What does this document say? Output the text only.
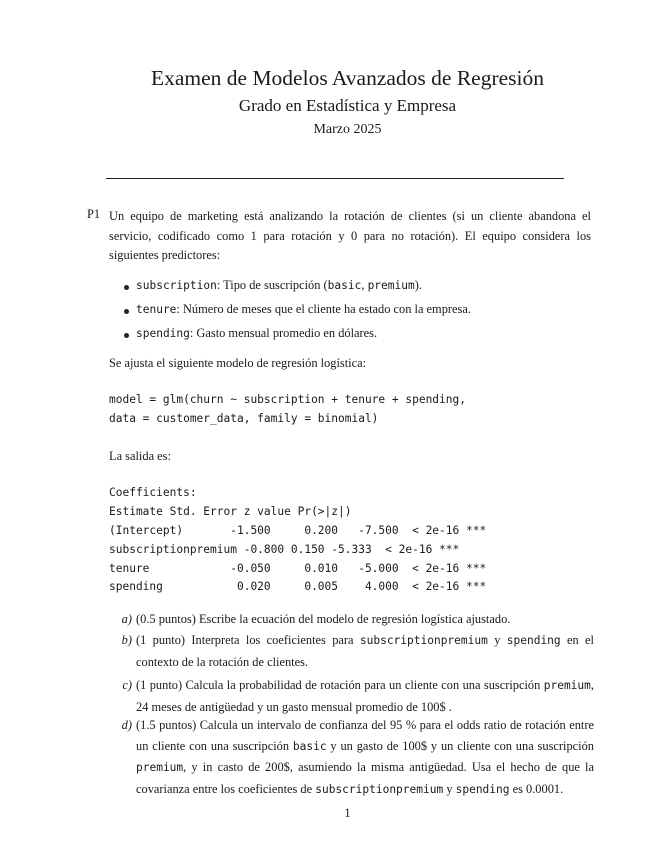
Examen de Modelos Avanzados de Regresión
Grado en Estadística y Empresa
Marzo 2025
P1 Un equipo de marketing está analizando la rotación de clientes (si un cliente abandona el servicio, codificado como 1 para rotación y 0 para no rotación). El equipo considera los siguientes predictores:
subscription: Tipo de suscripción (basic, premium).
tenure: Número de meses que el cliente ha estado con la empresa.
spending: Gasto mensual promedio en dólares.
Se ajusta el siguiente modelo de regresión logística:
model = glm(churn ~ subscription + tenure + spending,
data = customer_data, family = binomial)
La salida es:
Coefficients:
Estimate Std. Error z value Pr(>|z|)
(Intercept)       -1.500     0.200   -7.500  < 2e-16 ***
subscriptionpremium -0.800 0.150 -5.333  < 2e-16 ***
tenure            -0.050     0.010   -5.000  < 2e-16 ***
spending           0.020     0.005    4.000  < 2e-16 ***
a) (0.5 puntos) Escribe la ecuación del modelo de regresión logística ajustado.
b) (1 punto) Interpreta los coeficientes para subscriptionpremium y spending en el contexto de la rotación de clientes.
c) (1 punto) Calcula la probabilidad de rotación para un cliente con una suscripción premium, 24 meses de antigüedad y un gasto mensual promedio de 100$ .
d) (1.5 puntos) Calcula un intervalo de confianza del 95 % para el odds ratio de rotación entre un cliente con una suscripción basic y un gasto de 100$ y un cliente con una suscripción premium, y in casto de 200$, asumiendo la misma antigüedad. Usa el hecho de que la covarianza entre los coeficientes de subscriptionpremium y spending es 0.0001.
1
